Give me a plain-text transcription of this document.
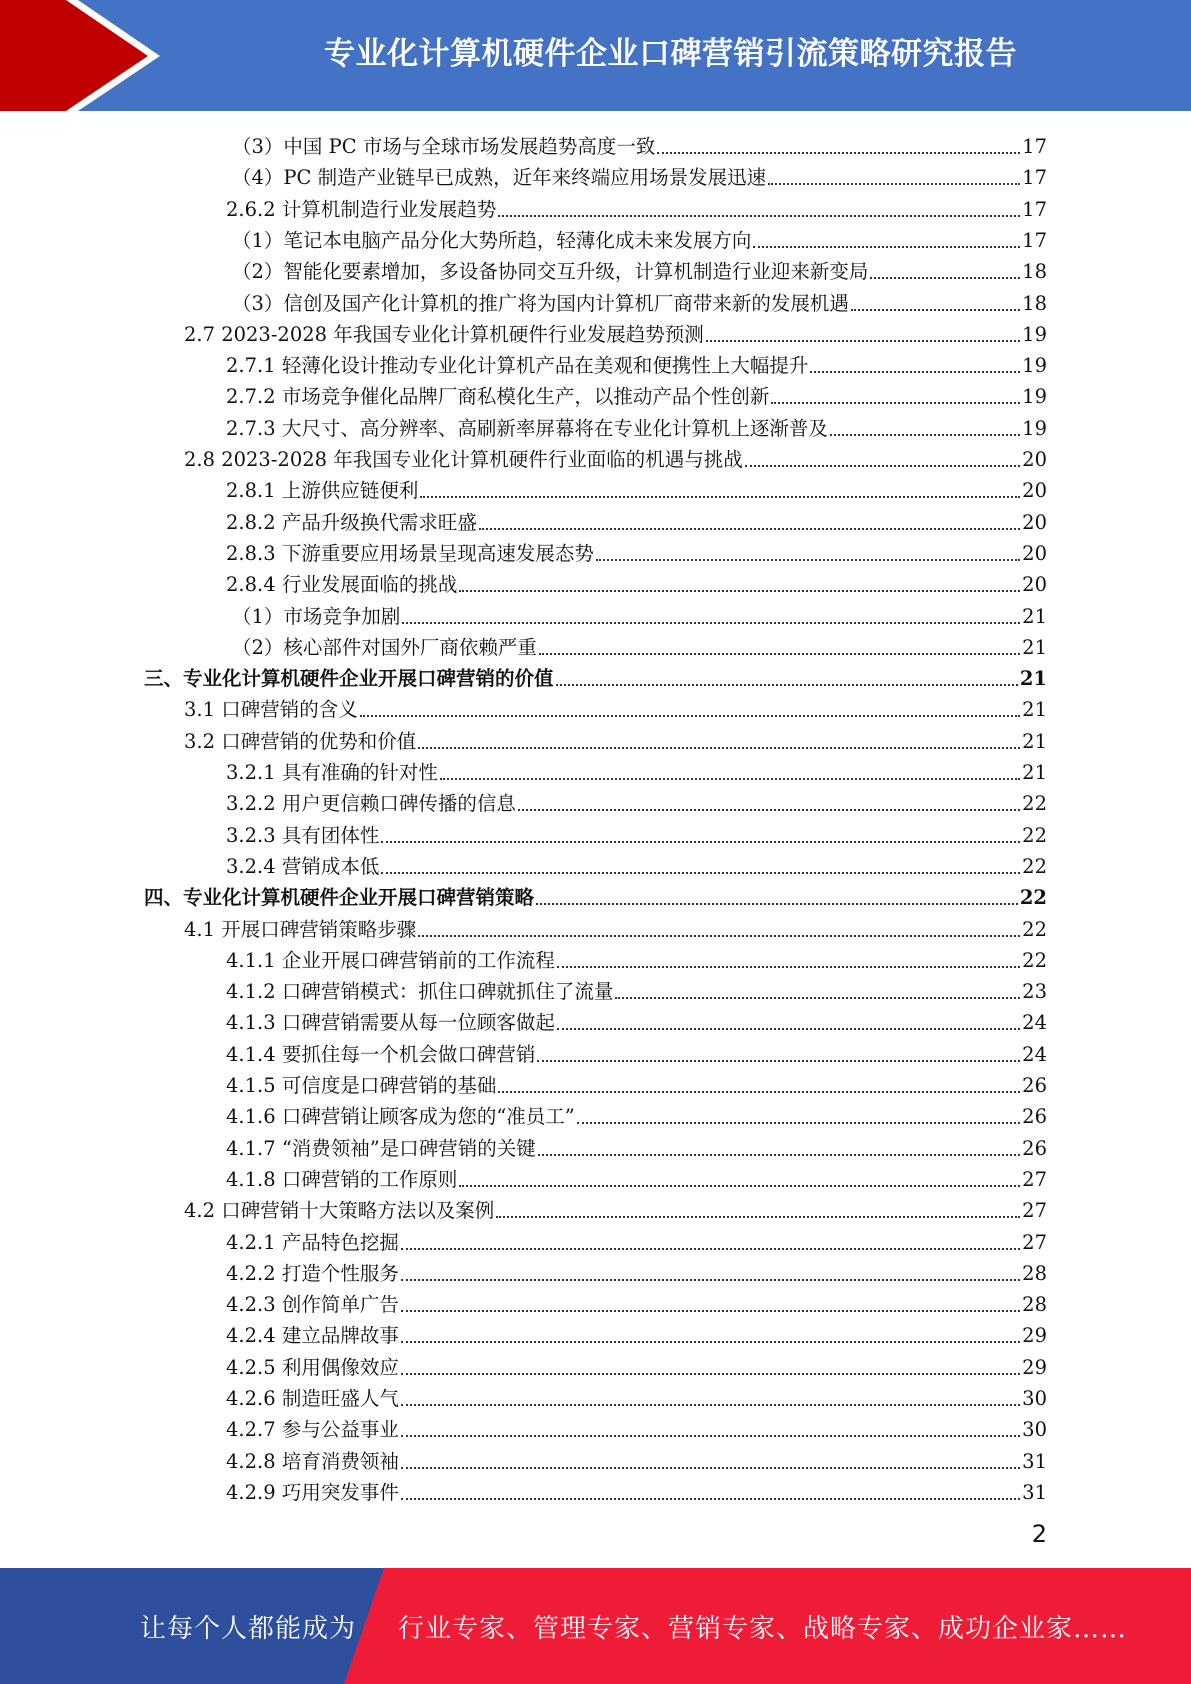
专业化计算机硬件企业口碑营销引流策略研究报告
（3）中国 PC 市场与全球市场发展趋势高度一致	17
（4）PC 制造产业链早已成熟，近年来终端应用场景发展迅速	17
2.6.2 计算机制造行业发展趋势	17
（1）笔记本电脑产品分化大势所趋，轻薄化成未来发展方向	17
（2）智能化要素增加，多设备协同交互升级，计算机制造行业迎来新变局	18
（3）信创及国产化计算机的推广将为国内计算机厂商带来新的发展机遇	18
2.7 2023-2028 年我国专业化计算机硬件行业发展趋势预测	19
2.7.1 轻薄化设计推动专业化计算机产品在美观和便携性上大幅提升	19
2.7.2 市场竞争催化品牌厂商私模化生产，以推动产品个性创新	19
2.7.3 大尺寸、高分辨率、高刷新率屏幕将在专业化计算机上逐渐普及	19
2.8 2023-2028 年我国专业化计算机硬件行业面临的机遇与挑战	20
2.8.1 上游供应链便利	20
2.8.2 产品升级换代需求旺盛	20
2.8.3 下游重要应用场景呈现高速发展态势	20
2.8.4 行业发展面临的挑战	20
（1）市场竞争加剧	21
（2）核心部件对国外厂商依赖严重	21
三、专业化计算机硬件企业开展口碑营销的价值	21
3.1 口碑营销的含义	21
3.2 口碑营销的优势和价值	21
3.2.1 具有准确的针对性	21
3.2.2 用户更信赖口碑传播的信息	22
3.2.3 具有团体性	22
3.2.4 营销成本低	22
四、专业化计算机硬件企业开展口碑营销策略	22
4.1 开展口碑营销策略步骤	22
4.1.1 企业开展口碑营销前的工作流程	22
4.1.2 口碑营销模式：抓住口碑就抓住了流量	23
4.1.3 口碑营销需要从每一位顾客做起	24
4.1.4 要抓住每一个机会做口碑营销	24
4.1.5 可信度是口碑营销的基础	26
4.1.6 口碑营销让顾客成为您的“准员工”	26
4.1.7 “消费领袖”是口碑营销的关键	26
4.1.8 口碑营销的工作原则	27
4.2 口碑营销十大策略方法以及案例	27
4.2.1 产品特色挖掘	27
4.2.2 打造个性服务	28
4.2.3 创作简单广告	28
4.2.4 建立品牌故事	29
4.2.5 利用偶像效应	29
4.2.6 制造旺盛人气	30
4.2.7 参与公益事业	30
4.2.8 培育消费领袖	31
4.2.9 巧用突发事件	31
2
让每个人都能成为 行业专家、管理专家、营销专家、战略专家、成功企业家……
